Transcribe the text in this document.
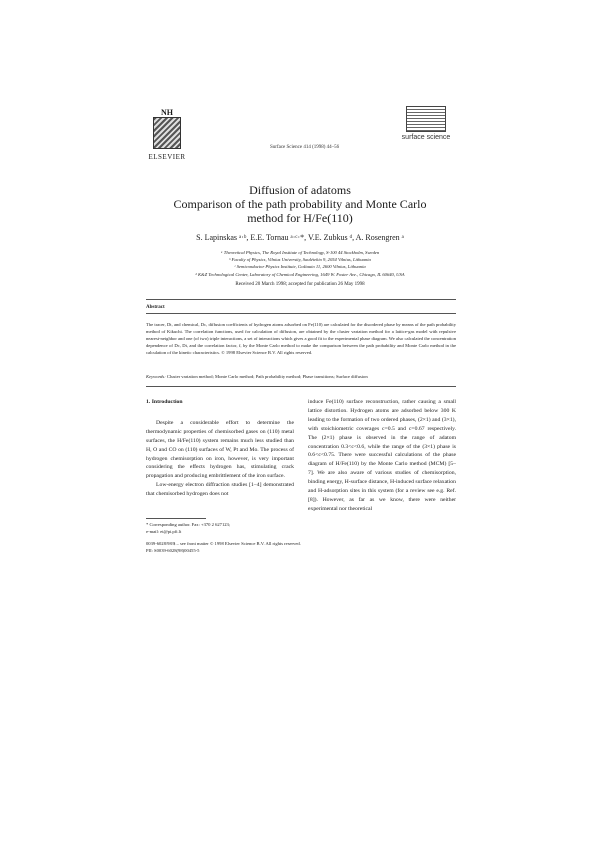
NH
ELSEVIER
surface science
Surface Science 414 (1998) 44–56
Diffusion of adatoms
Comparison of the path probability and Monte Carlo
method for H/Fe(110)
S. Lapinskas ᵃ·ᵇ, E.E. Tornau ᵃ·ᶜ·*, V.E. Zubkus ᵈ, A. Rosengren ᵃ
ᵃ Theoretical Physics, The Royal Institute of Technology, S-100 44 Stockholm, Sweden
ᵇ Faculty of Physics, Vilnius University, Saulėtekio 9, 2054 Vilnius, Lithuania
ᶜ Semiconductor Physics Institute, Goštauto 11, 2600 Vilnius, Lithuania
ᵈ K&Z Technological Center, Laboratory of Chemical Engineering, 1649 W. Foster Ave., Chicago, IL 60640, USA
Received 20 March 1998; accepted for publication 26 May 1998
Abstract
The tracer, Dt, and chemical, Dc, diffusion coefficients of hydrogen atoms adsorbed on Fe(110) are calculated for the disordered phase by means of the path probability method of Kikuchi. The correlation functions, used for calculation of diffusion, are obtained by the cluster variation method for a lattice-gas model with repulsive nearest-neighbor and one (of two) triple interactions, a set of interactions which gives a good fit to the experimental phase diagram. We also calculated the concentration dependence of Dc, Dt, and the correlation factor, f, by the Monte Carlo method to make the comparison between the path probability and Monte Carlo method in the calculation of the kinetic characteristics. © 1998 Elsevier Science B.V. All rights reserved.
Keywords: Cluster variation method; Monte Carlo method; Path probability method; Phase transitions; Surface diffusion
1. Introduction

Despite a considerable effort to determine the thermodynamic properties of chemisorbed gases on (110) metal surfaces, the H/Fe(110) system remains much less studied than H, O and CO on (110) surfaces of W, Pt and Mo. The process of hydrogen chemisorption on iron, however, is very important considering the effects hydrogen has, stimulating crack propagation and producing embrittlement of the iron surface.

Low-energy electron diffraction studies [1–4] demonstrated that chemisorbed hydrogen does not

induce Fe(110) surface reconstruction, rather causing a small lattice distortion. Hydrogen atoms are adsorbed below 300 K leading to the formation of two ordered phases, (2×1) and (3×1), with stoichiometric coverages c=0.5 and c=0.67 respectively. The (2×1) phase is observed in the range of adatom concentration 0.3<c<0.6, while the range of the (3×1) phase is 0.6<c<0.75. There were successful calculations of the phase diagram of H/Fe(110) by the Monte Carlo method (MCM) [5–7]. We are also aware of various studies of chemisorption, binding energy, H-surface distance, H-induced surface relaxation and H-adsorption sites in this system (for a review see e.g. Ref. [8]). However, as far as we know, there were neither experimental nor theoretical

* Corresponding author. Fax: +370 2 627123;
e-mail: et@pi.pfi.lt
0039-6028/98/$ – see front matter © 1998 Elsevier Science B.V. All rights reserved.
PII: S0039-6028(98)00455-5
